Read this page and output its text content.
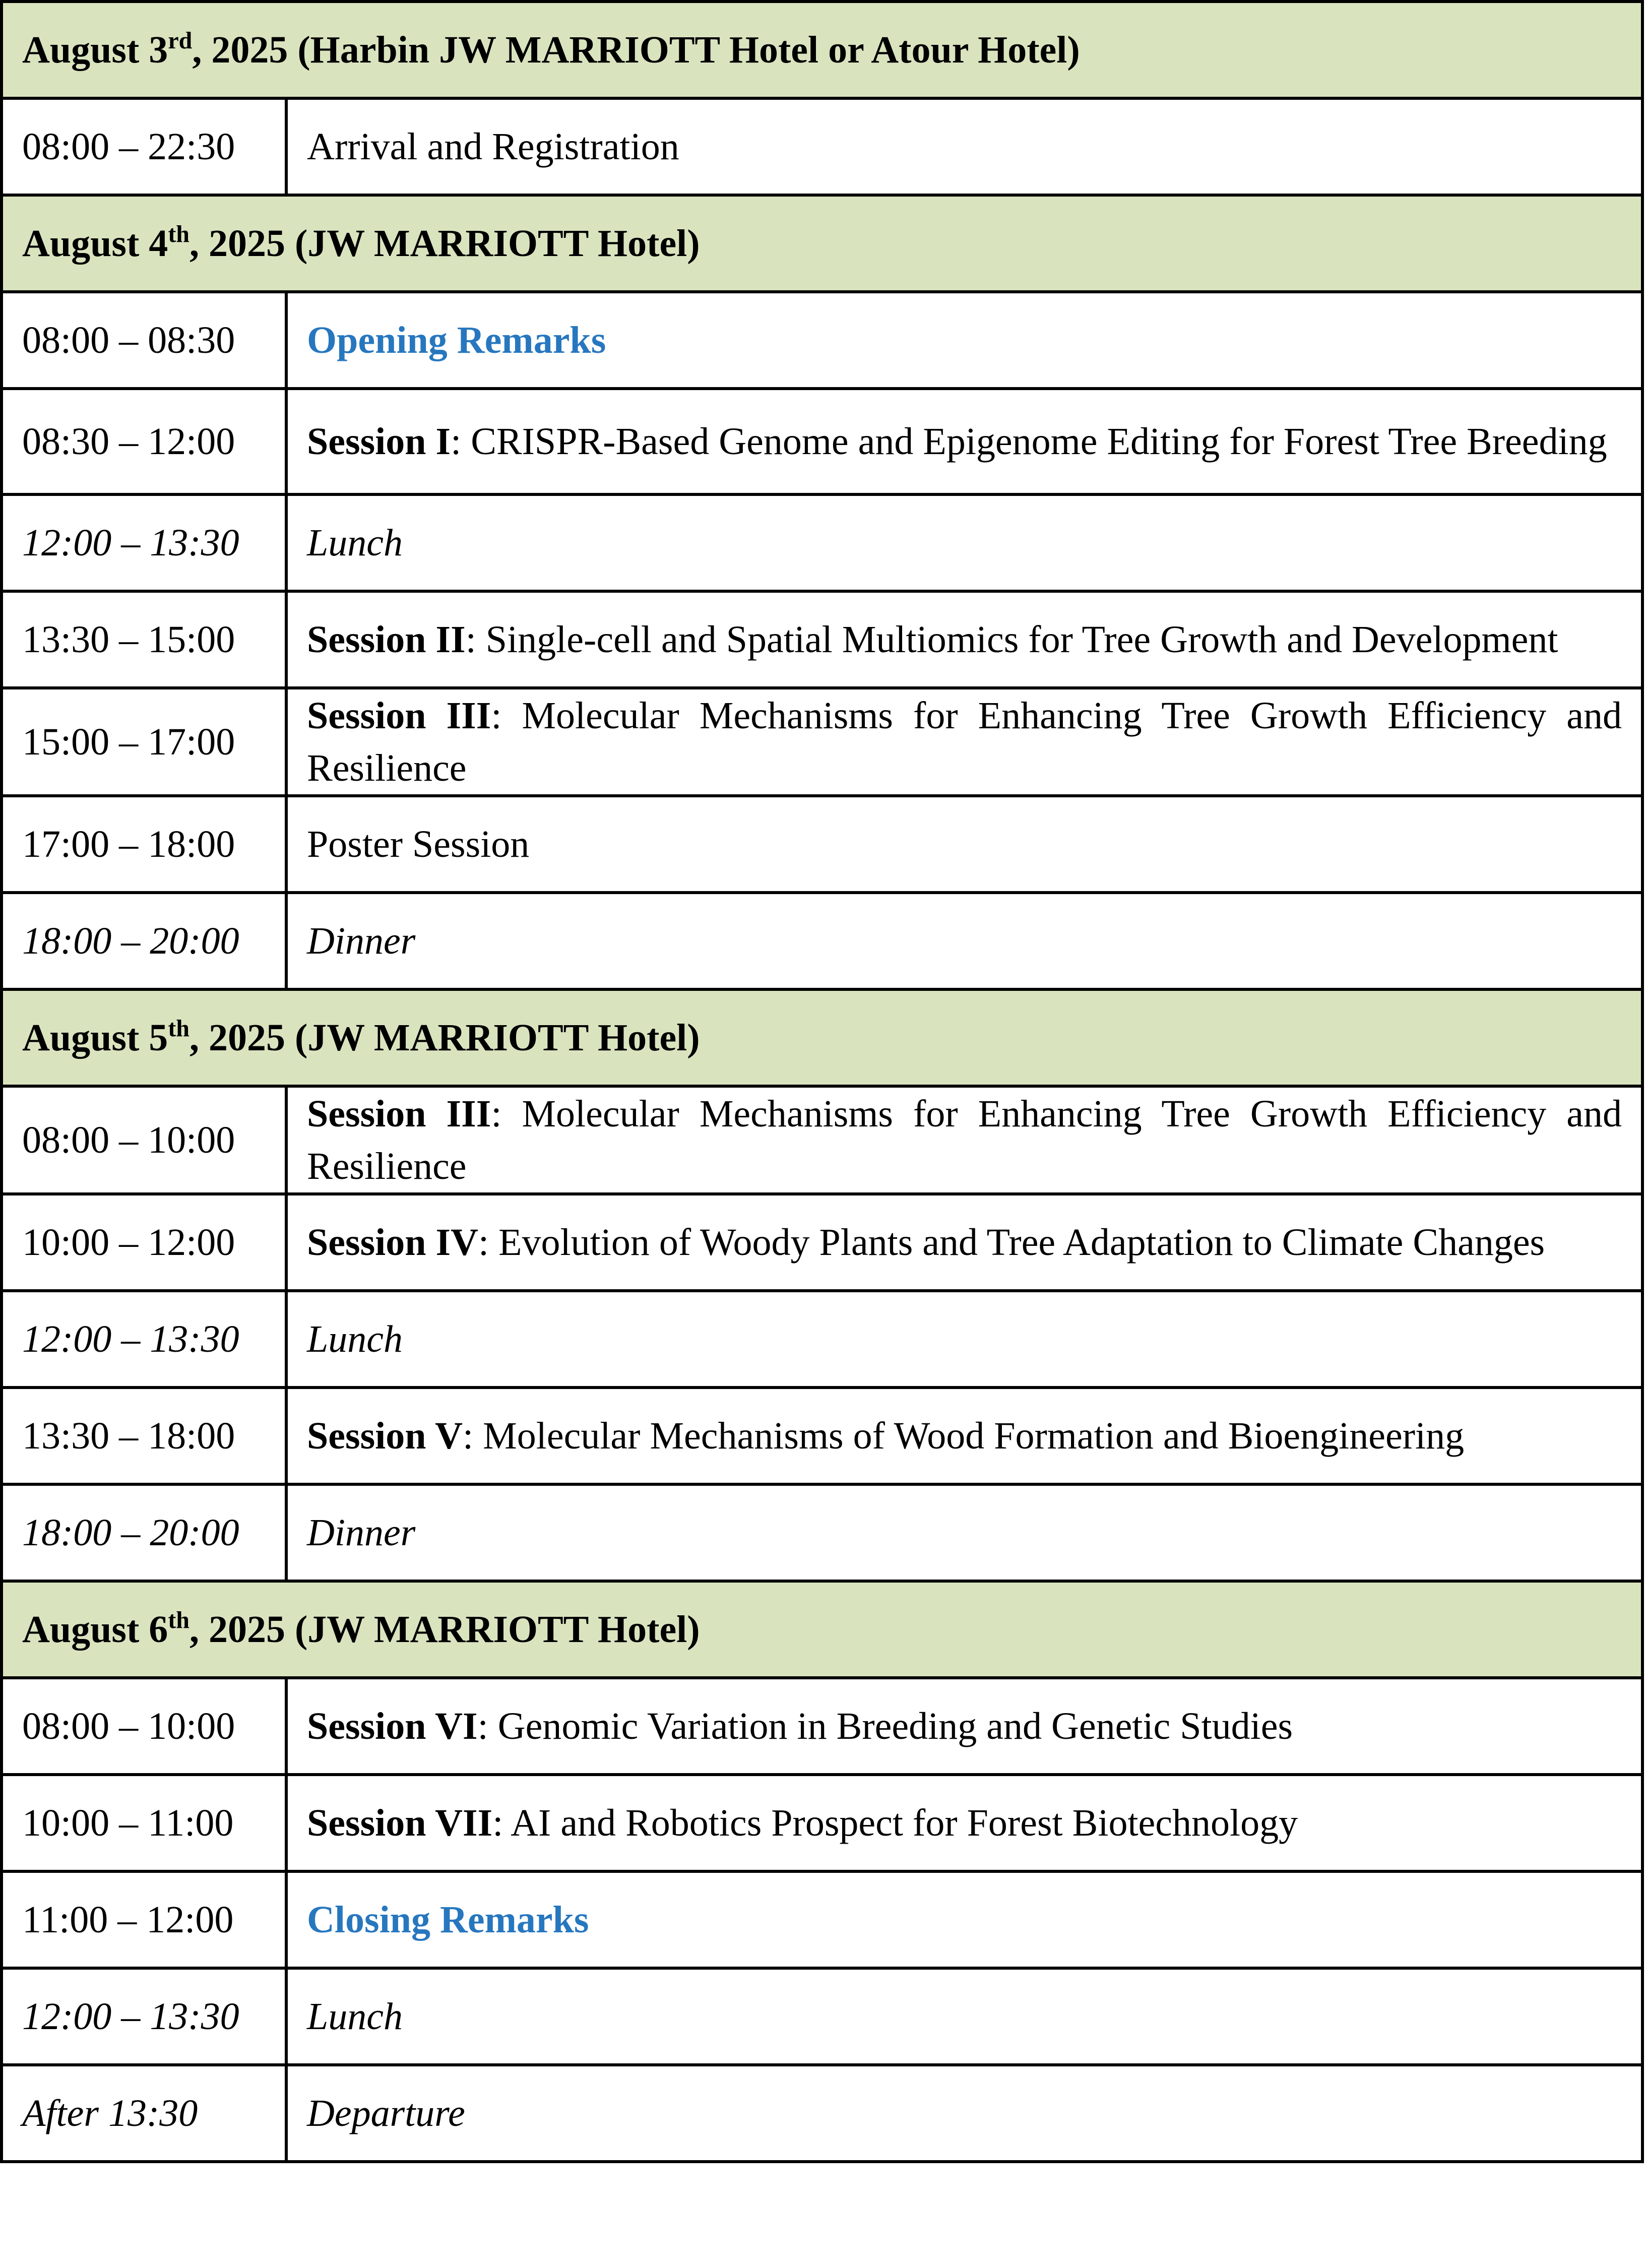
August 3rd, 2025 (Harbin JW MARRIOTT Hotel or Atour Hotel)	
08:00 – 22:30	Arrival and Registration
August 4th, 2025 (JW MARRIOTT Hotel)	
08:00 – 08:30	Opening Remarks
08:30 – 12:00	Session I: CRISPR-Based Genome and Epigenome Editing for Forest Tree Breeding
12:00 – 13:30	Lunch
13:30 – 15:00	Session II: Single-cell and Spatial Multiomics for Tree Growth and Development
15:00 – 17:00	Session III: Molecular Mechanisms for Enhancing Tree Growth Efficiency and Resilience
17:00 – 18:00	Poster Session
18:00 – 20:00	Dinner
August 5th, 2025 (JW MARRIOTT Hotel)	
08:00 – 10:00	Session III: Molecular Mechanisms for Enhancing Tree Growth Efficiency and Resilience
10:00 – 12:00	Session IV: Evolution of Woody Plants and Tree Adaptation to Climate Changes
12:00 – 13:30	Lunch
13:30 – 18:00	Session V: Molecular Mechanisms of Wood Formation and Bioengineering
18:00 – 20:00	Dinner
August 6th, 2025 (JW MARRIOTT Hotel)	
08:00 – 10:00	Session VI: Genomic Variation in Breeding and Genetic Studies
10:00 – 11:00	Session VII: AI and Robotics Prospect for Forest Biotechnology
11:00 – 12:00	Closing Remarks
12:00 – 13:30	Lunch
After 13:30	Departure
